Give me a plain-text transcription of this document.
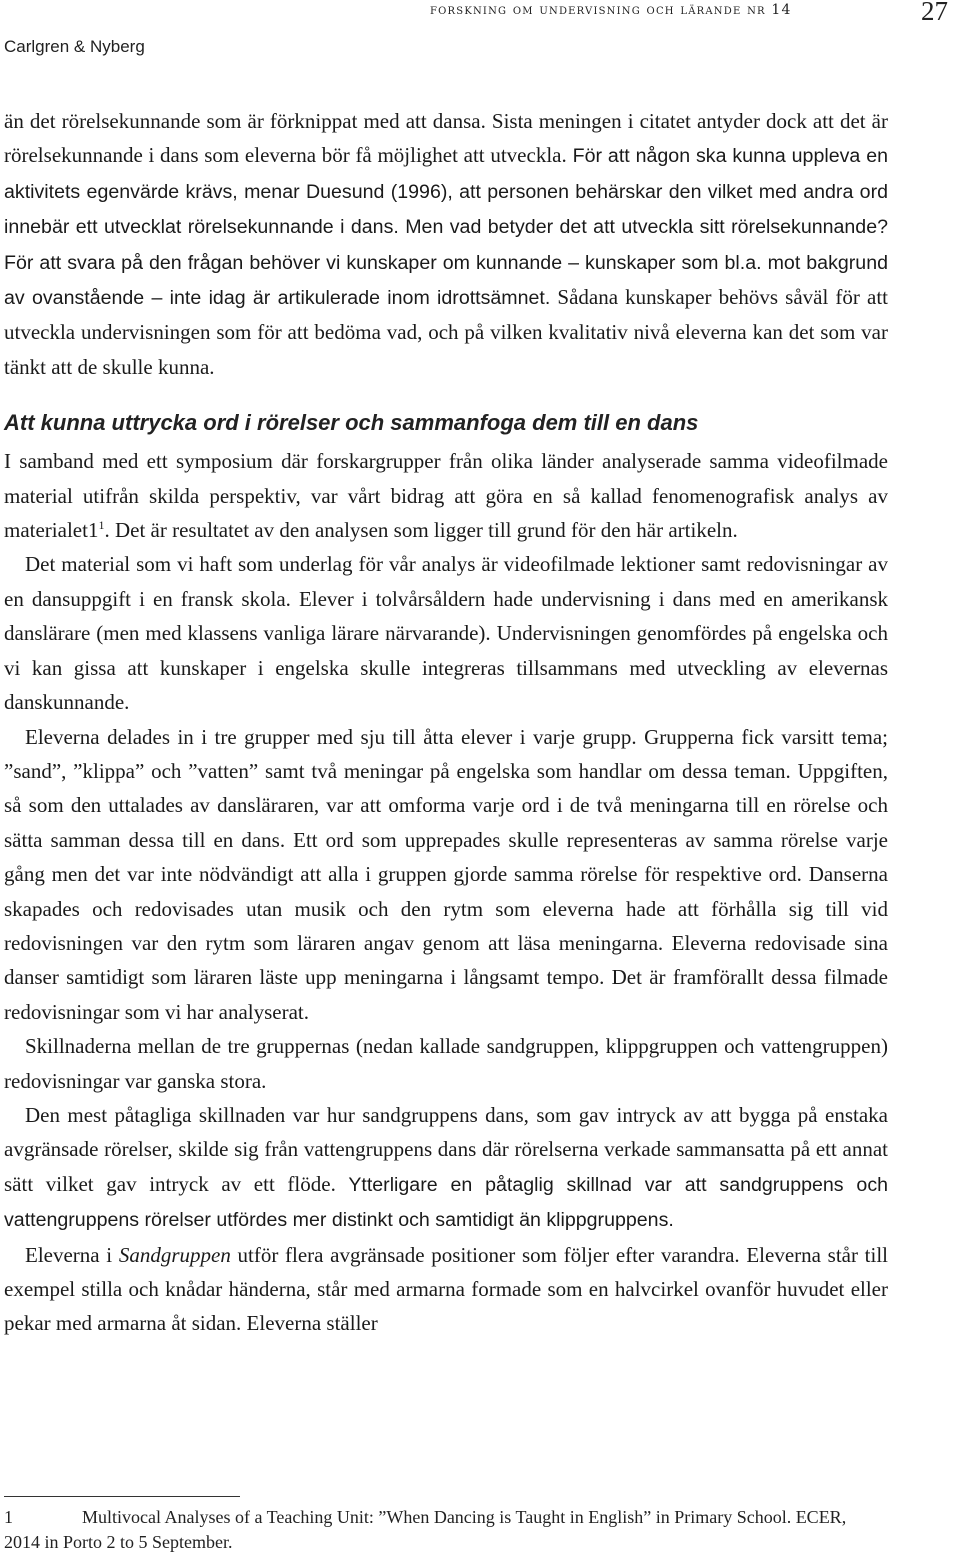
forskning om undervisning och lärande nr 14	27
Carlgren & Nyberg

än det rörelsekunnande som är förknippat med att dansa. Sista meningen i citatet antyder dock att det är rörelsekunnande i dans som eleverna bör få möjlighet att utveckla. För att någon ska kunna uppleva en aktivitets egenvärde krävs, menar Duesund (1996), att personen behärskar den vilket med andra ord innebär ett utvecklat rörelsekunnande i dans. Men vad betyder det att utveckla sitt rörelsekunnande? För att svara på den frågan behöver vi kunskaper om kunnande – kunskaper som bl.a. mot bakgrund av ovanstående – inte idag är artikulerade inom idrottsämnet. Sådana kunskaper behövs såväl för att utveckla undervisningen som för att bedöma vad, och på vilken kvalitativ nivå eleverna kan det som var tänkt att de skulle kunna.

Att kunna uttrycka ord i rörelser och sammanfoga dem till en dans

I samband med ett symposium där forskargrupper från olika länder analyserade samma videofilmade material utifrån skilda perspektiv, var vårt bidrag att göra en så kallad fenomenografisk analys av materialet1$^1$. Det är resultatet av den analysen som ligger till grund för den här artikeln.

Det material som vi haft som underlag för vår analys är videofilmade lektioner samt redovisningar av en dansuppgift i en fransk skola. Elever i tolvårsåldern hade undervisning i dans med en amerikansk danslärare (men med klassens vanliga lärare närvarande). Undervisningen genomfördes på engelska och vi kan gissa att kunskaper i engelska skulle integreras tillsammans med utveckling av elevernas danskunnande.

Eleverna delades in i tre grupper med sju till åtta elever i varje grupp. Grupperna fick varsitt tema; ”sand”, ”klippa” och ”vatten” samt två meningar på engelska som handlar om dessa teman. Uppgiften, så som den uttalades av dansläraren, var att omforma varje ord i de två meningarna till en rörelse och sätta samman dessa till en dans. Ett ord som upprepades skulle representeras av samma rörelse varje gång men det var inte nödvändigt att alla i gruppen gjorde samma rörelse för respektive ord. Danserna skapades och redovisades utan musik och den rytm som eleverna hade att förhålla sig till vid redovisningen var den rytm som läraren angav genom att läsa meningarna. Eleverna redovisade sina danser samtidigt som läraren läste upp meningarna i långsamt tempo. Det är framförallt dessa filmade redovisningar som vi har analyserat.

Skillnaderna mellan de tre gruppernas (nedan kallade sandgruppen, klippgruppen och vattengruppen) redovisningar var ganska stora.

Den mest påtagliga skillnaden var hur sandgruppens dans, som gav intryck av att bygga på enstaka avgränsade rörelser, skilde sig från vattengruppens dans där rörelserna verkade sammansatta på ett annat sätt vilket gav intryck av ett flöde. Ytterligare en påtaglig skillnad var att sandgruppens och vattengruppens rörelser utfördes mer distinkt och samtidigt än klippgruppens.

Eleverna i Sandgruppen utför flera avgränsade positioner som följer efter varandra. Eleverna står till exempel stilla och knådar händerna, står med armarna formade som en halvcirkel ovanför huvudet eller pekar med armarna åt sidan. Eleverna ställer

1	Multivocal Analyses of a Teaching Unit: ”When Dancing is Taught in English” in Primary School. ECER, 2014 in Porto 2 to 5 September.
